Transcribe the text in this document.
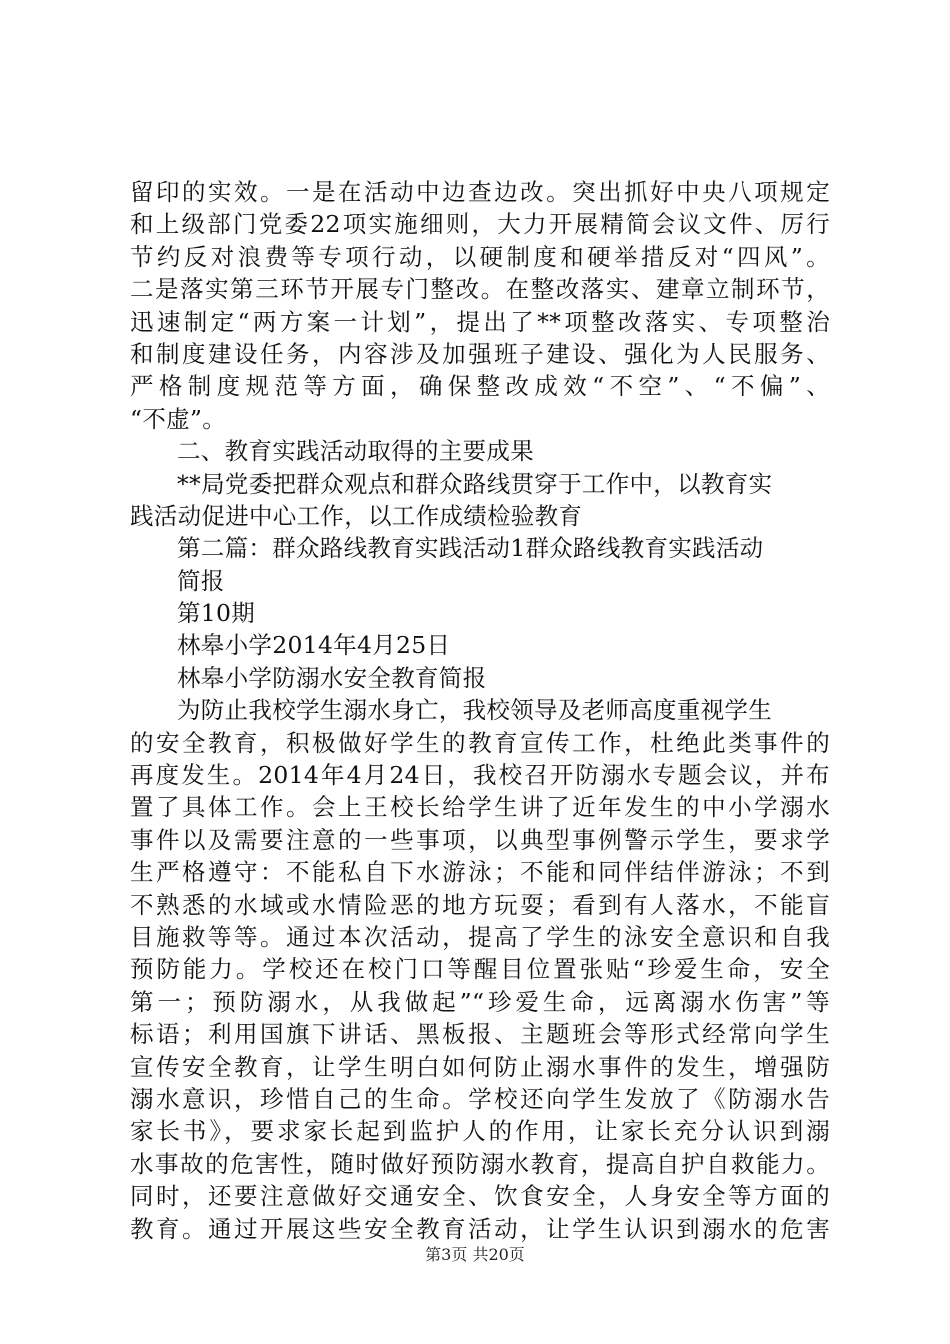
留印的实效。一是在活动中边查边改。突出抓好中央八项规定
和上级部门党委22项实施细则，大力开展精简会议文件、厉行
节约反对浪费等专项行动，以硬制度和硬举措反对“四风”。
二是落实第三环节开展专门整改。在整改落实、建章立制环节，
迅速制定“两方案一计划”，提出了**项整改落实、专项整治
和制度建设任务，内容涉及加强班子建设、强化为人民服务、
严格制度规范等方面，确保整改成效“不空”、“不偏”、
“不虚”。
二、教育实践活动取得的主要成果
**局党委把群众观点和群众路线贯穿于工作中，以教育实
践活动促进中心工作，以工作成绩检验教育
第二篇：群众路线教育实践活动1群众路线教育实践活动
简报
第10期
林皋小学2014年4月25日
林皋小学防溺水安全教育简报
为防止我校学生溺水身亡，我校领导及老师高度重视学生
的安全教育，积极做好学生的教育宣传工作，杜绝此类事件的
再度发生。2014年4月24日，我校召开防溺水专题会议，并布
置了具体工作。会上王校长给学生讲了近年发生的中小学溺水
事件以及需要注意的一些事项，以典型事例警示学生，要求学
生严格遵守：不能私自下水游泳；不能和同伴结伴游泳；不到
不熟悉的水域或水情险恶的地方玩耍；看到有人落水，不能盲
目施救等等。通过本次活动，提高了学生的泳安全意识和自我
预防能力。学校还在校门口等醒目位置张贴“珍爱生命，安全
第一；预防溺水，从我做起”“珍爱生命，远离溺水伤害”等
标语；利用国旗下讲话、黑板报、主题班会等形式经常向学生
宣传安全教育，让学生明白如何防止溺水事件的发生，增强防
溺水意识，珍惜自己的生命。学校还向学生发放了《防溺水告
家长书》，要求家长起到监护人的作用，让家长充分认识到溺
水事故的危害性，随时做好预防溺水教育，提高自护自救能力。
同时，还要注意做好交通安全、饮食安全，人身安全等方面的
教育。通过开展这些安全教育活动，让学生认识到溺水的危害
第3页 共20页
